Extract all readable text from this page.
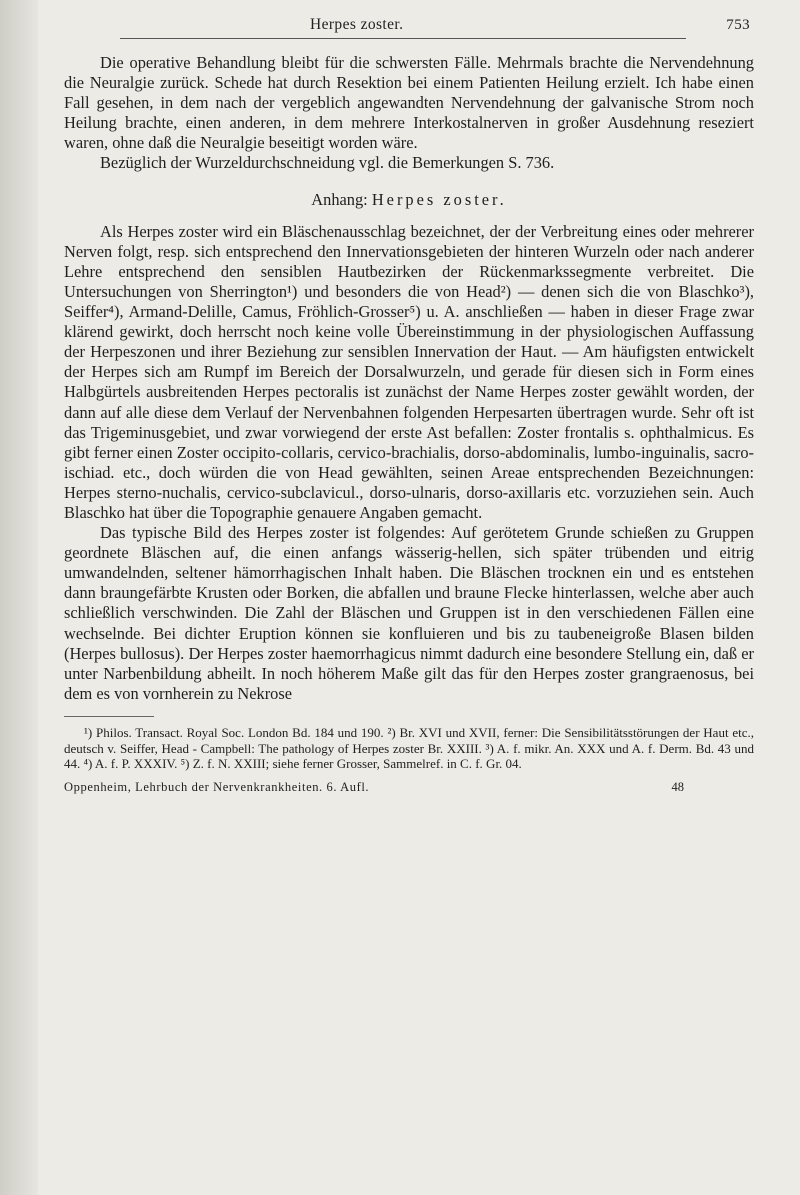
Herpes zoster.	753

Die operative Behandlung bleibt für die schwersten Fälle. Mehrmals brachte die Nervendehnung die Neuralgie zurück. Schede hat durch Resektion bei einem Patienten Heilung erzielt. Ich habe einen Fall gesehen, in dem nach der vergeblich angewandten Nervendehnung der galvanische Strom noch Heilung brachte, einen anderen, in dem mehrere Interkostalnerven in großer Ausdehnung reseziert waren, ohne daß die Neuralgie beseitigt worden wäre.

Bezüglich der Wurzeldurchschneidung vgl. die Bemerkungen S. 736.

Anhang: Herpes zoster.

Als Herpes zoster wird ein Bläschenausschlag bezeichnet, der der Verbreitung eines oder mehrerer Nerven folgt, resp. sich entsprechend den Innervationsgebieten der hinteren Wurzeln oder nach anderer Lehre entsprechend den sensiblen Hautbezirken der Rückenmarkssegmente verbreitet. Die Untersuchungen von Sherrington¹) und besonders die von Head²) — denen sich die von Blaschko³), Seiffer⁴), Armand-Delille, Camus, Fröhlich-Grosser⁵) u. A. anschließen — haben in dieser Frage zwar klärend gewirkt, doch herrscht noch keine volle Übereinstimmung in der physiologischen Auffassung der Herpeszonen und ihrer Beziehung zur sensiblen Innervation der Haut. — Am häufigsten entwickelt der Herpes sich am Rumpf im Bereich der Dorsalwurzeln, und gerade für diesen sich in Form eines Halbgürtels ausbreitenden Herpes pectoralis ist zunächst der Name Herpes zoster gewählt worden, der dann auf alle diese dem Verlauf der Nervenbahnen folgenden Herpesarten übertragen wurde. Sehr oft ist das Trigeminusgebiet, und zwar vorwiegend der erste Ast befallen: Zoster frontalis s. ophthalmicus. Es gibt ferner einen Zoster occipito-collaris, cervico-brachialis, dorso-abdominalis, lumbo-inguinalis, sacro-ischiad. etc., doch würden die von Head gewählten, seinen Areae entsprechenden Bezeichnungen: Herpes sterno-nuchalis, cervico-subclavicul., dorso-ulnaris, dorso-axillaris etc. vorzuziehen sein. Auch Blaschko hat über die Topographie genauere Angaben gemacht.

Das typische Bild des Herpes zoster ist folgendes: Auf gerötetem Grunde schießen zu Gruppen geordnete Bläschen auf, die einen anfangs wässerig-hellen, sich später trübenden und eitrig umwandelnden, seltener hämorrhagischen Inhalt haben. Die Bläschen trocknen ein und es entstehen dann braungefärbte Krusten oder Borken, die abfallen und braune Flecke hinterlassen, welche aber auch schließlich verschwinden. Die Zahl der Bläschen und Gruppen ist in den verschiedenen Fällen eine wechselnde. Bei dichter Eruption können sie konfluieren und bis zu taubeneigroße Blasen bilden (Herpes bullosus). Der Herpes zoster haemorrhagicus nimmt dadurch eine besondere Stellung ein, daß er unter Narbenbildung abheilt. In noch höherem Maße gilt das für den Herpes zoster grangraenosus, bei dem es von vornherein zu Nekrose

¹) Philos. Transact. Royal Soc. London Bd. 184 und 190. ²) Br. XVI und XVII, ferner: Die Sensibilitätsstörungen der Haut etc., deutsch v. Seiffer, Head - Campbell: The pathology of Herpes zoster Br. XXIII. ³) A. f. mikr. An. XXX und A. f. Derm. Bd. 43 und 44. ⁴) A. f. P. XXXIV. ⁵) Z. f. N. XXIII; siehe ferner Grosser, Sammelref. in C. f. Gr. 04.

Oppenheim, Lehrbuch der Nervenkrankheiten. 6. Aufl.	48
